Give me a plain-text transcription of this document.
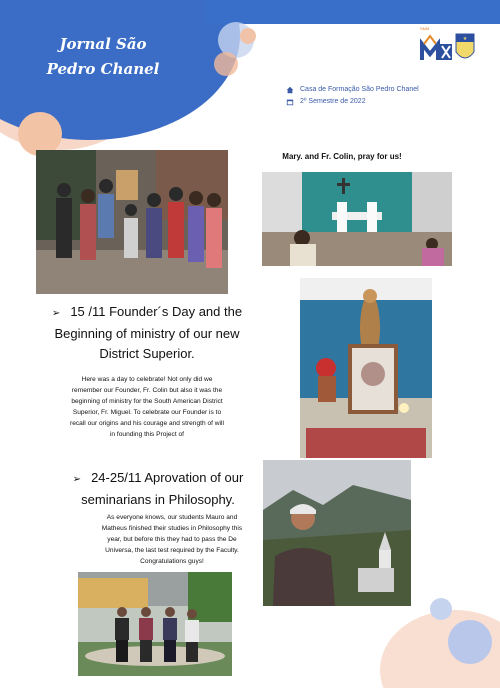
Jornal São
Pedro Chanel
★
SMM
Casa de Formação São Pedro Chanel
2º Semestre de 2022
Mary. and Fr. Colin, pray for us!
➢ 15 /11 Founder´s Day and the
Beginning of ministry of our new
District Superior.
Here was a day to celebrate! Not only did we
remember our Founder, Fr. Colin but also it was the
beginning of ministry for the South American District
Superior, Fr. Miguel. To celebrate our Founder is to
recall our origins and his courage and strength of will
in founding this Project of
➢ 24-25/11 Aprovation of our
seminarians in Philosophy.
As everyone knows, our students Mauro and
Matheus finished their studies in Philosophy this
year, but before this they had to pass the De
Universa, the last test required by the Faculty.
Congratulations guys!
